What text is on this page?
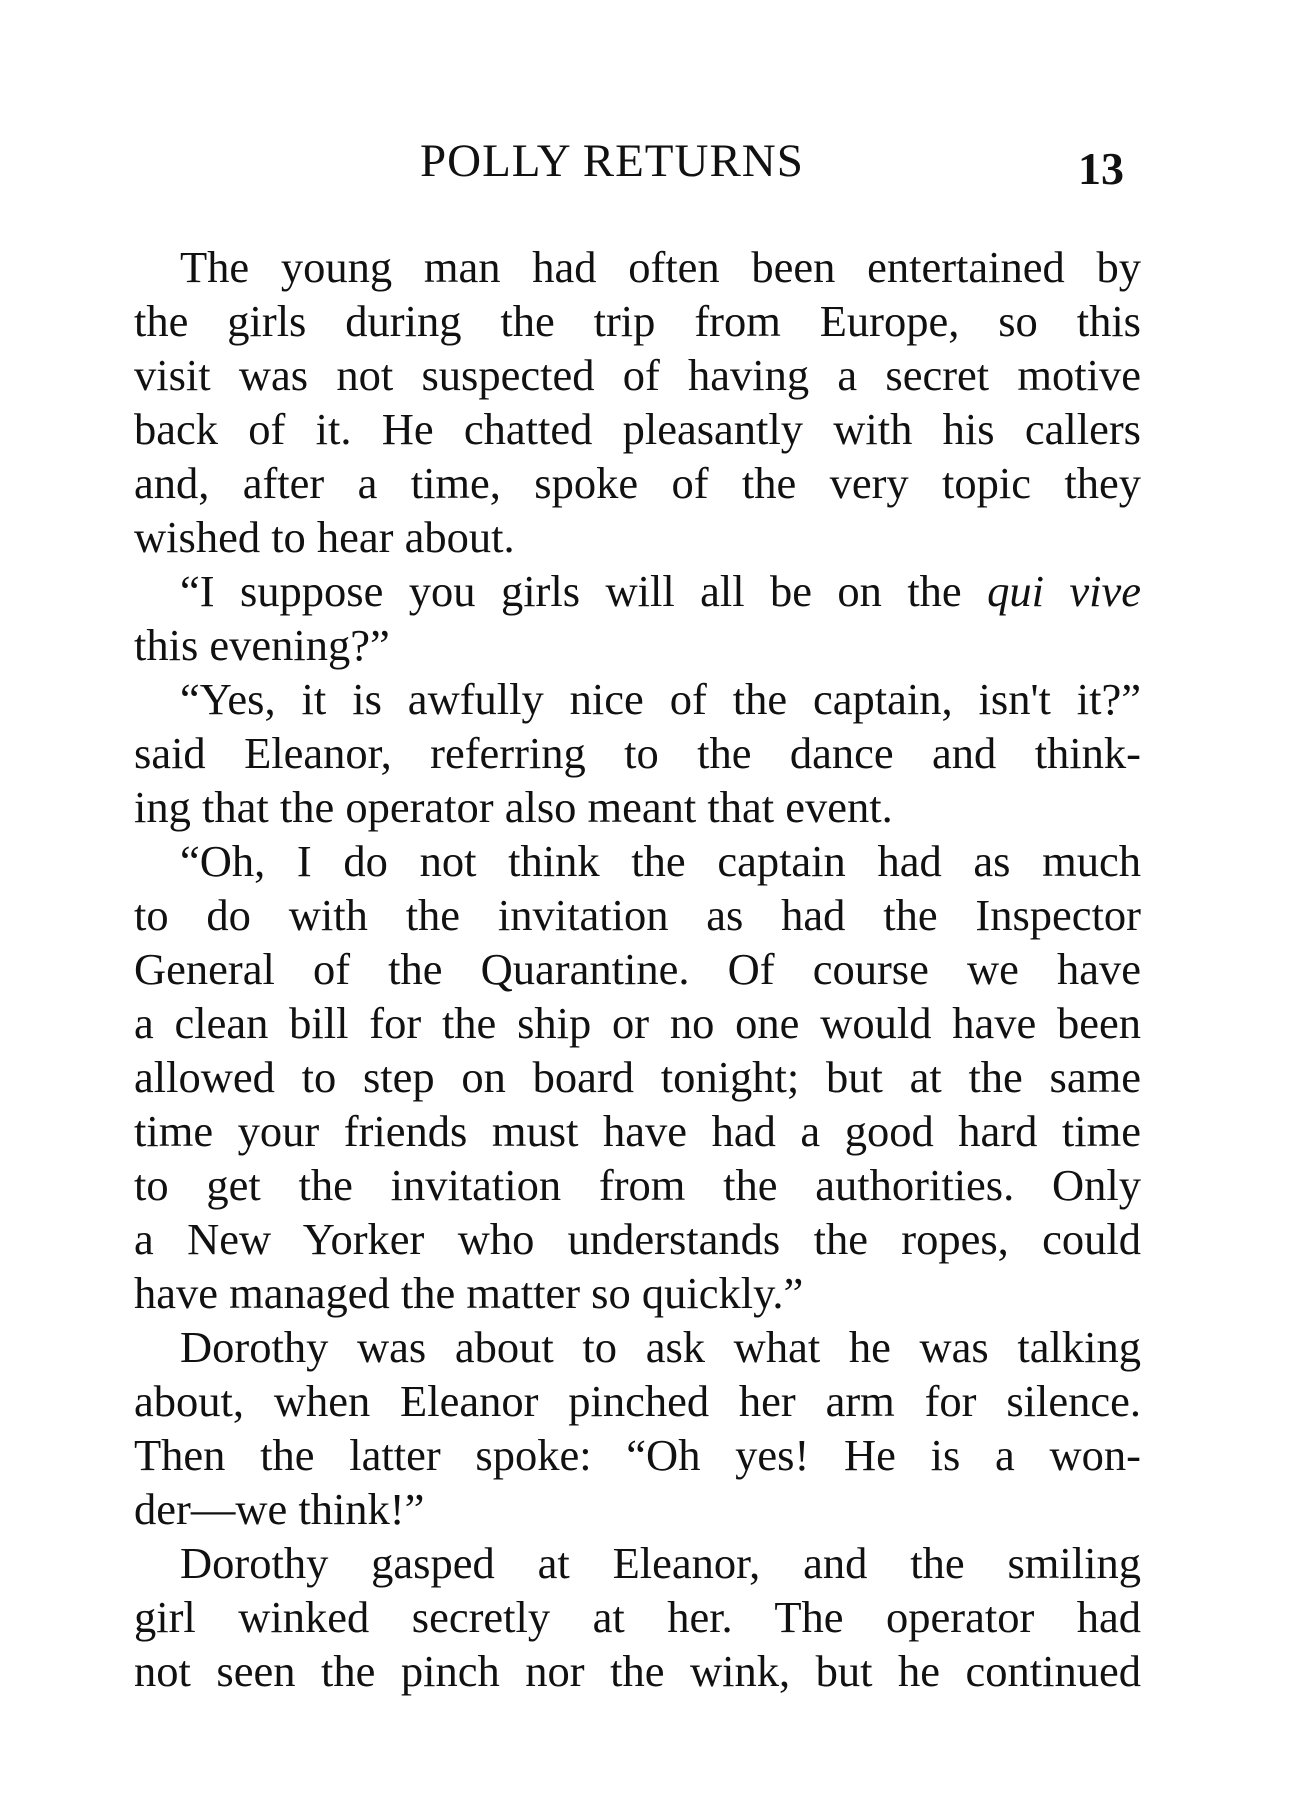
POLLY RETURNS	13
The young man had often been entertained by
the girls during the trip from Europe, so this
visit was not suspected of having a secret motive
back of it. He chatted pleasantly with his callers
and, after a time, spoke of the very topic they
wished to hear about.
“I suppose you girls will all be on the qui vive
this evening?”
“Yes, it is awfully nice of the captain, isn't it?”
said Eleanor, referring to the dance and think-
ing that the operator also meant that event.
“Oh, I do not think the captain had as much
to do with the invitation as had the Inspector
General of the Quarantine. Of course we have
a clean bill for the ship or no one would have been
allowed to step on board tonight; but at the same
time your friends must have had a good hard time
to get the invitation from the authorities. Only
a New Yorker who understands the ropes, could
have managed the matter so quickly.”
Dorothy was about to ask what he was talking
about, when Eleanor pinched her arm for silence.
Then the latter spoke: “Oh yes! He is a won-
der—we think!”
Dorothy gasped at Eleanor, and the smiling
girl winked secretly at her. The operator had
not seen the pinch nor the wink, but he continued
